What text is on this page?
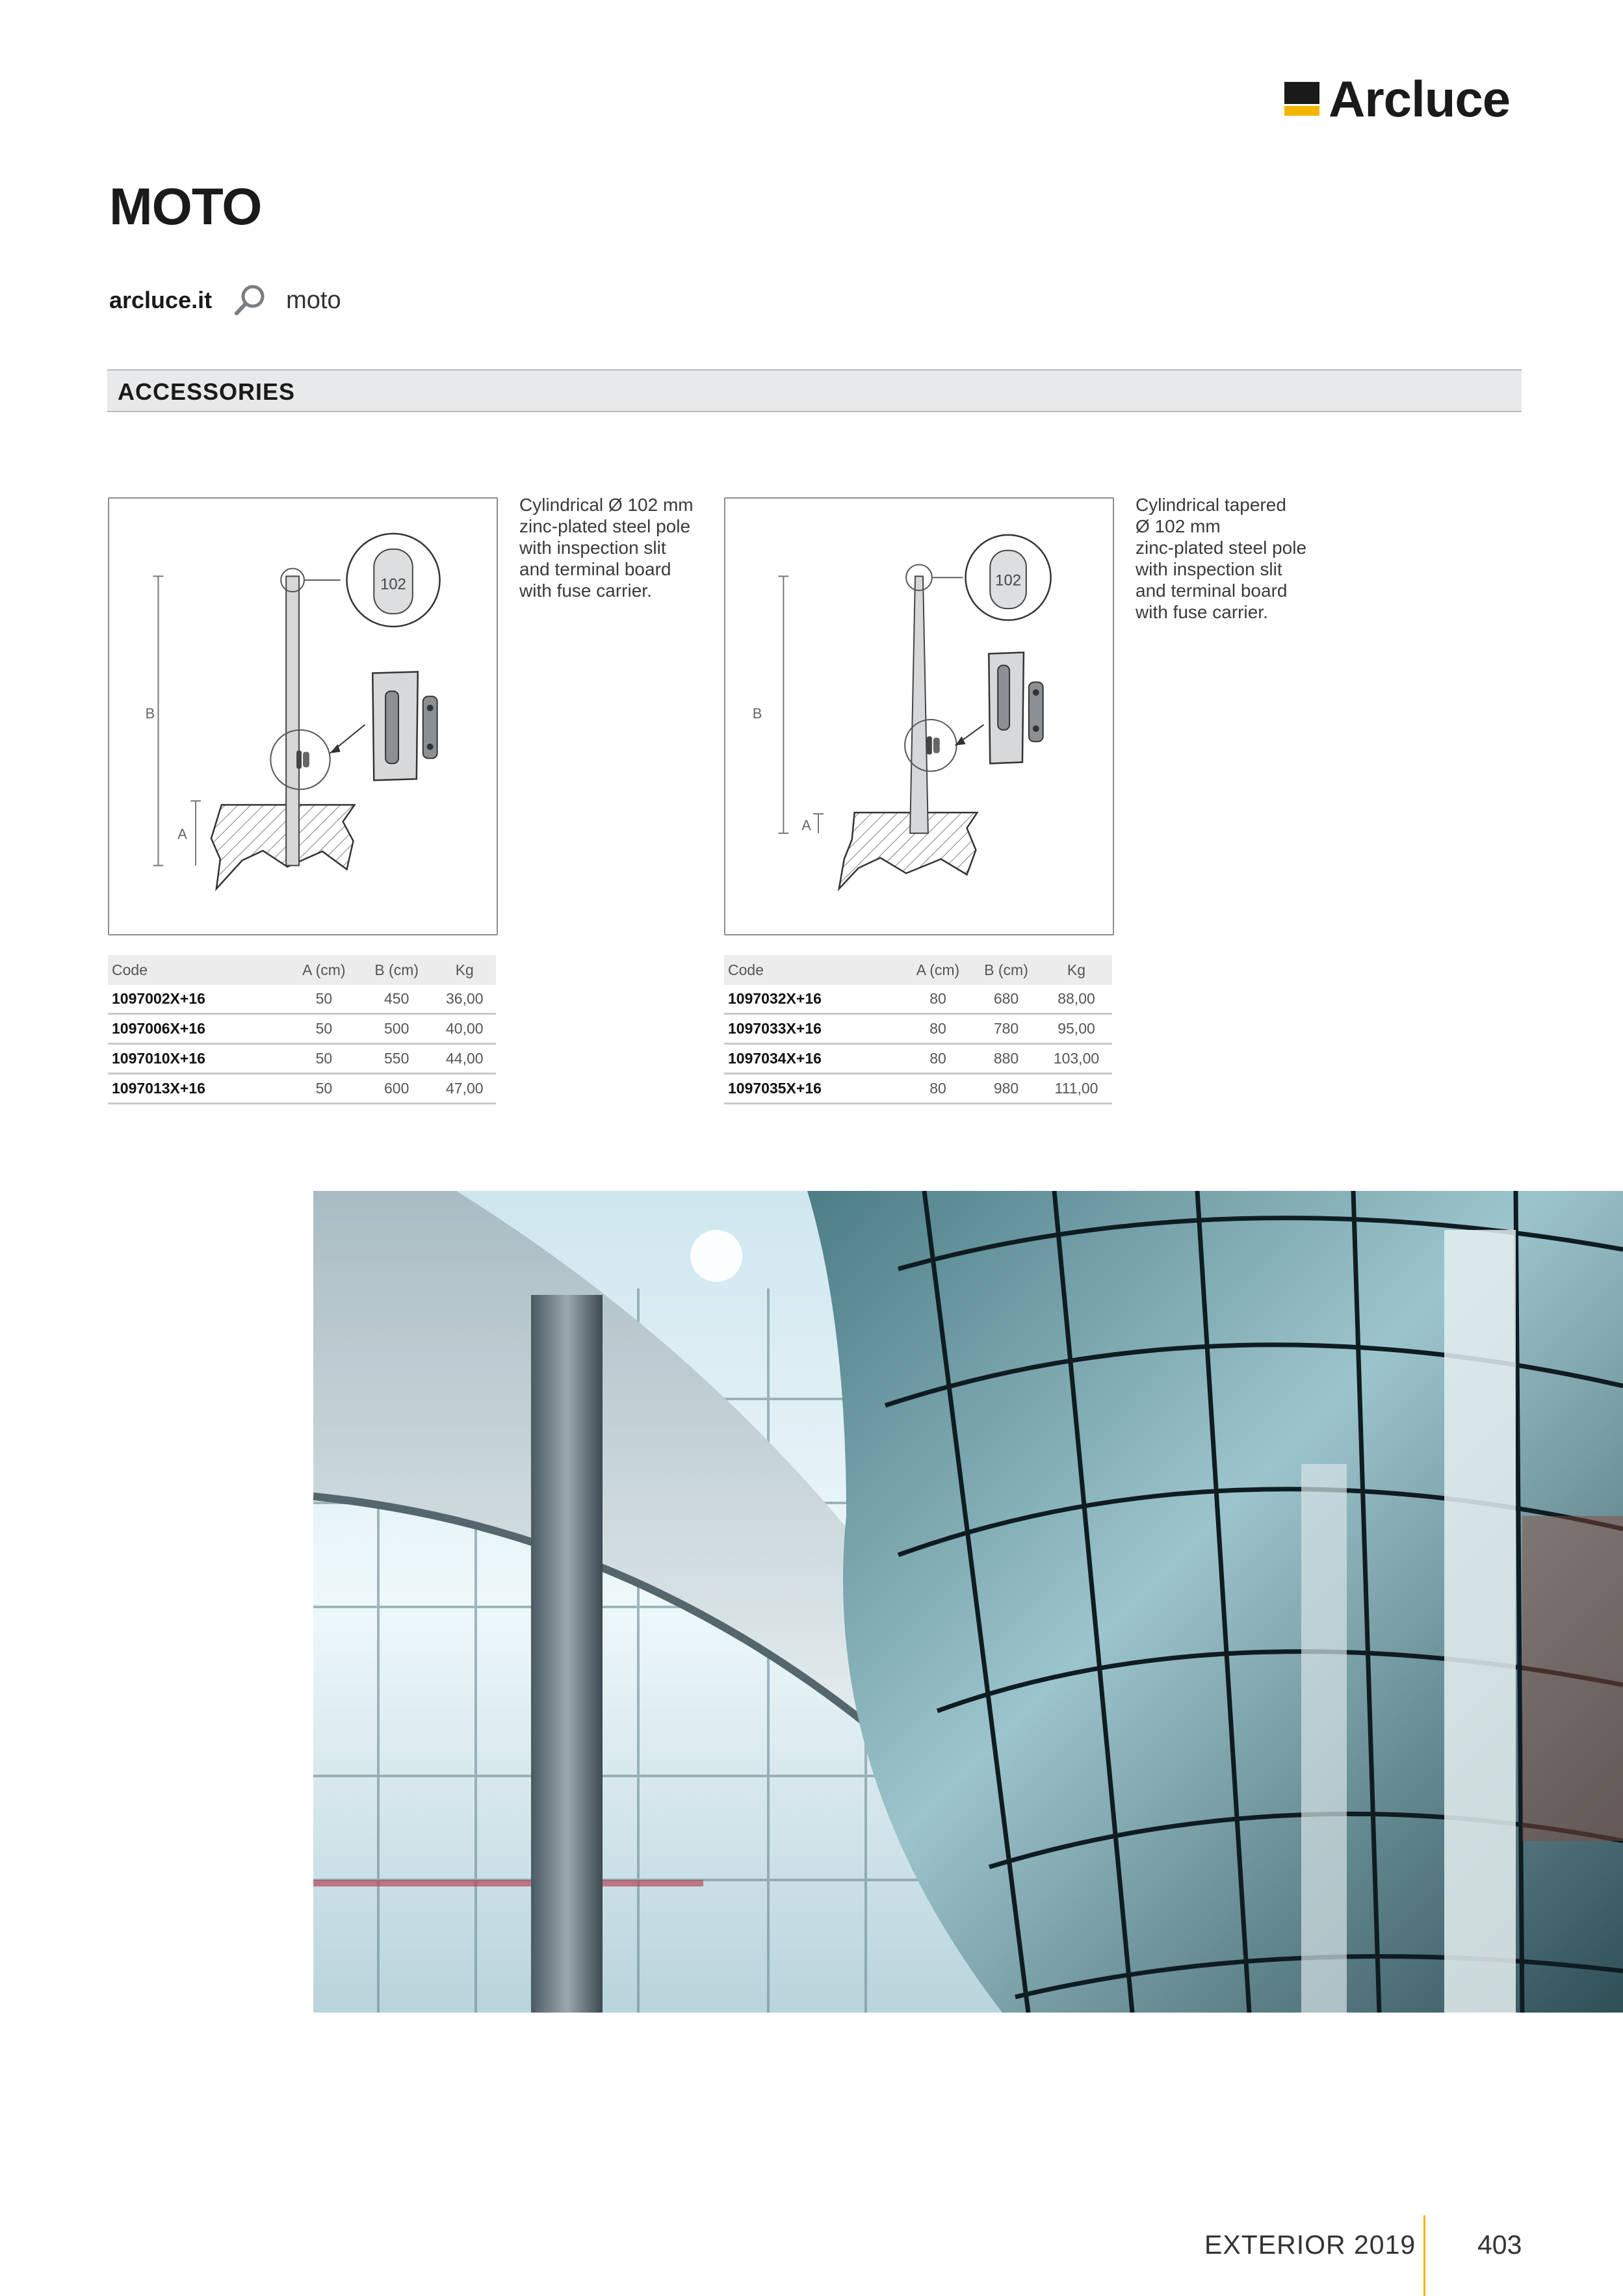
Arcluce
MOTO
arcluce.it	moto
ACCESSORIES
B
A
102
Cylindrical Ø 102 mm
zinc-plated steel pole
with inspection slit
and terminal board
with fuse carrier.
Code	A (cm)	B (cm)	Kg
1097002X+16	50	450	36,00
1097006X+16	50	500	40,00
1097010X+16	50	550	44,00
1097013X+16	50	600	47,00
B
A
102
Cylindrical tapered
Ø 102 mm
zinc-plated steel pole
with inspection slit
and terminal board
with fuse carrier.
Code	A (cm)	B (cm)	Kg
1097032X+16	80	680	88,00
1097033X+16	80	780	95,00
1097034X+16	80	880	103,00
1097035X+16	80	980	111,00
EXTERIOR 2019 403
